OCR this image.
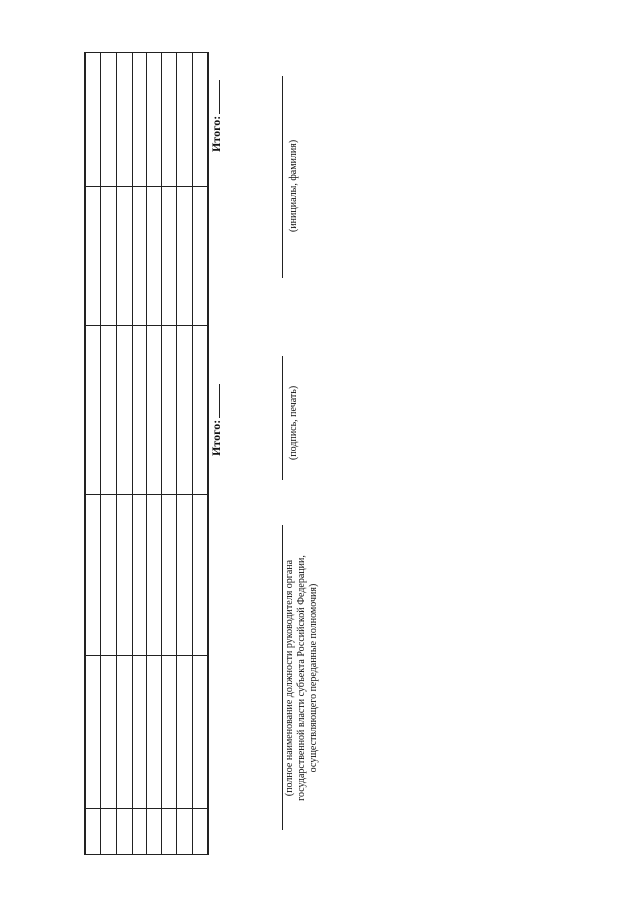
Итого:
Итого:
(полное наименование должности руководителя органа государственной власти субъекта Российской Федерации, осуществляющего переданные полномочия)
(подпись, печать)
(инициалы, фамилия)
